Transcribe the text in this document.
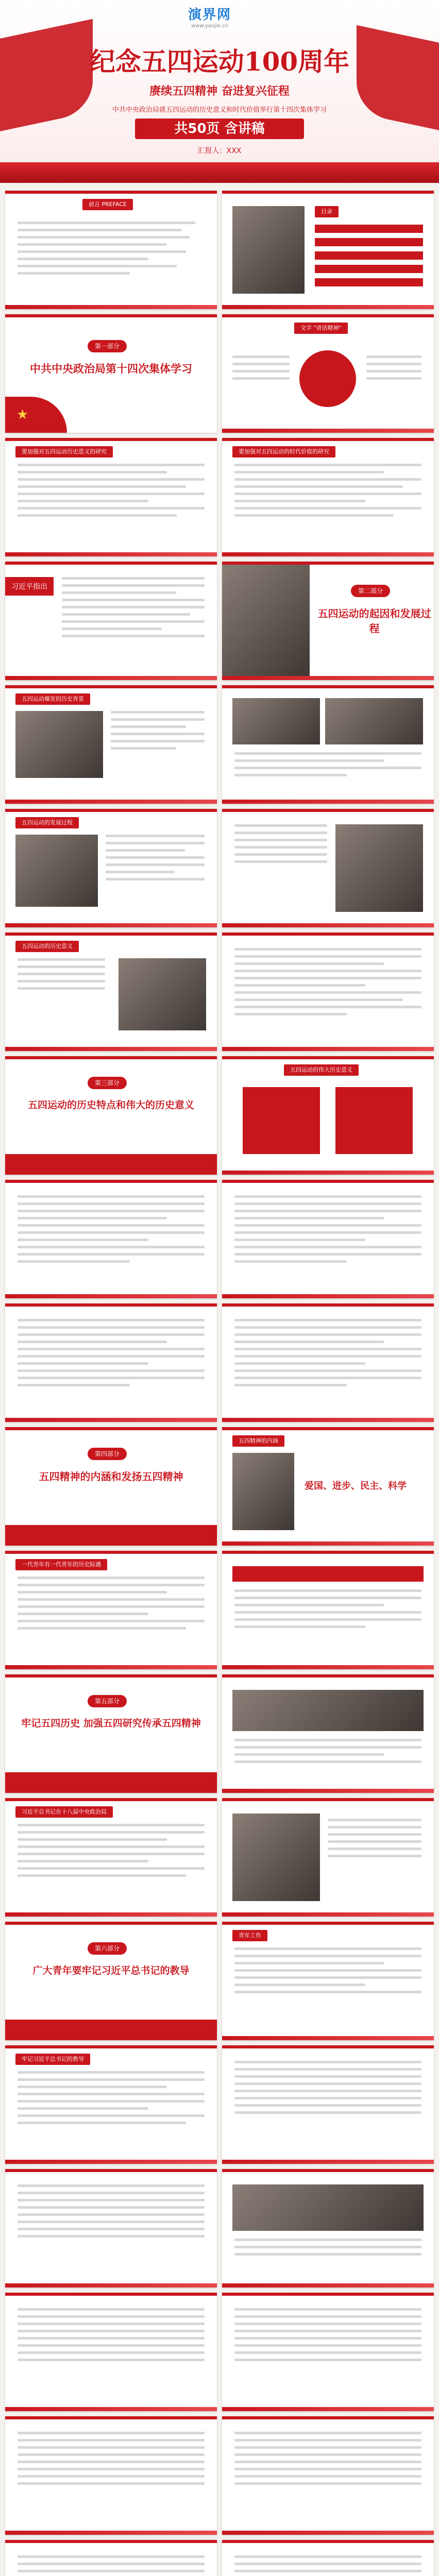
演界网
www.yanjie.cn
纪念五四运动100周年
赓续五四精神 奋进复兴征程
中共中央政治局就五四运动的历史意义和时代价值举行第十四次集体学习
共50页 含讲稿
汇报人：XXX
前言 PREFACE
目录
第一部分
中共中央政治局第十四次集体学习
★
文字 "讲话精神"
要加强对五四运动历史意义的研究	要加强对五四运动的时代价值的研究
习近平指出	第二部分
五四运动的起因和发展过程
五四运动爆发的历史背景
五四运动的发展过程
五四运动的历史意义
第三部分
五四运动的历史特点和伟大的历史意义
五四运动的伟大历史意义
第四部分
五四精神的内涵和发扬五四精神
五四精神的内涵
爱国、进步、民主、科学
一代青年有一代青年的历史际遇
第五部分
牢记五四历史 加强五四研究传承五四精神
习近平总书记在十八届中央政治局
第六部分
广大青年要牢记习近平总书记的教导
青年工作
牢记习近平总书记的教导
